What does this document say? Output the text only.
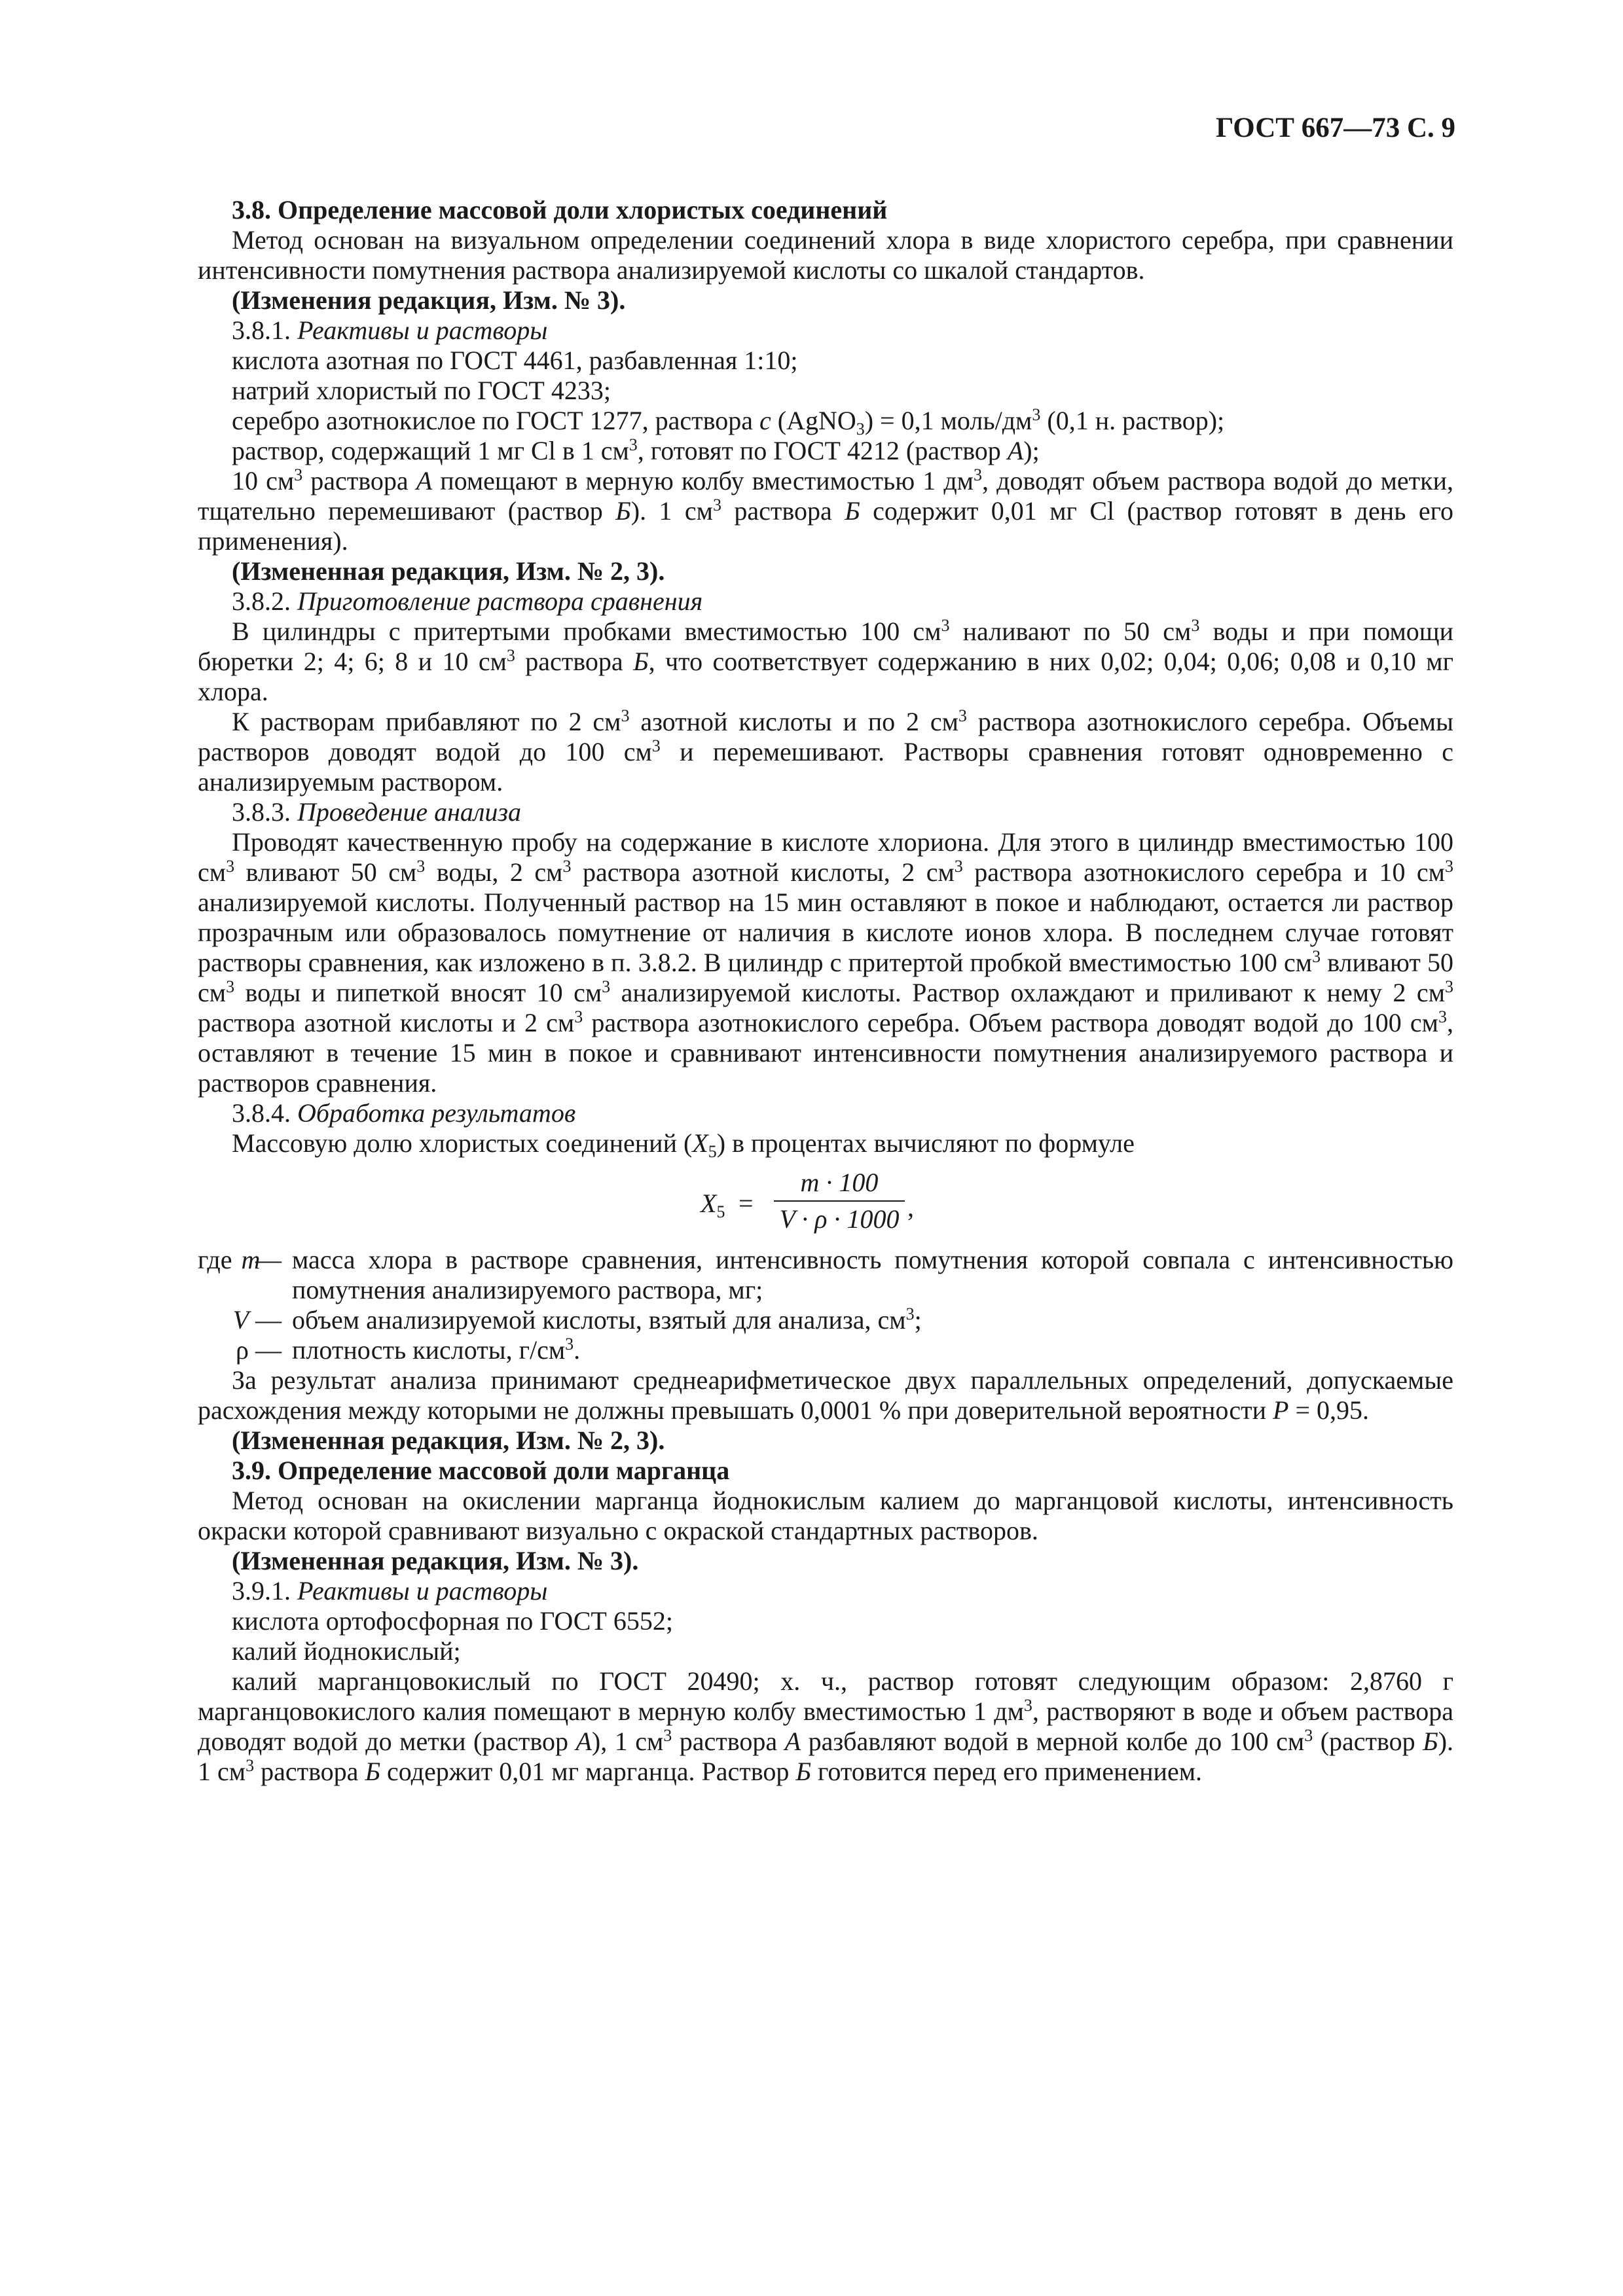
ГОСТ 667—73 С. 9

3.8. Определение массовой доли хлористых соединений

Метод основан на визуальном определении соединений хлора в виде хлористого серебра, при сравнении интенсивности помутнения раствора анализируемой кислоты со шкалой стандартов.

(Изменения редакция, Изм. № 3).

3.8.1. Реактивы и растворы

кислота азотная по ГОСТ 4461, разбавленная 1:10;

натрий хлористый по ГОСТ 4233;

серебро азотнокислое по ГОСТ 1277, раствора c (AgNO$_3$) = 0,1 моль/$дм^3$ (0,1 н. раствор);

раствор, содержащий 1 мг Cl в 1 $см^3$, готовят по ГОСТ 4212 (раствор А);

10 $см^3$ раствора А помещают в мерную колбу вместимостью 1 $дм^3$, доводят объем раствора водой до метки, тщательно перемешивают (раствор Б). 1 $см^3$ раствора Б содержит 0,01 мг Cl (раствор готовят в день его применения).

(Измененная редакция, Изм. № 2, 3).

3.8.2. Приготовление раствора сравнения

В цилиндры с притертыми пробками вместимостью 100 $см^3$ наливают по 50 $см^3$ воды и при помощи бюретки 2; 4; 6; 8 и 10 $см^3$ раствора Б, что соответствует содержанию в них 0,02; 0,04; 0,06; 0,08 и 0,10 мг хлора.

К растворам прибавляют по 2 $см^3$ азотной кислоты и по 2 $см^3$ раствора азотнокислого серебра. Объемы растворов доводят водой до 100 $см^3$ и перемешивают. Растворы сравнения готовят одновременно с анализируемым раствором.

3.8.3. Проведение анализа

Проводят качественную пробу на содержание в кислоте хлориона. Для этого в цилиндр вместимостью 100 $см^3$ вливают 50 $см^3$ воды, 2 $см^3$ раствора азотной кислоты, 2 $см^3$ раствора азотнокислого серебра и 10 $см^3$ анализируемой кислоты. Полученный раствор на 15 мин оставляют в покое и наблюдают, остается ли раствор прозрачным или образовалось помутнение от наличия в кислоте ионов хлора. В последнем случае готовят растворы сравнения, как изложено в п. 3.8.2. В цилиндр с притертой пробкой вместимостью 100 $см^3$ вливают 50 $см^3$ воды и пипеткой вносят 10 $см^3$ анализируемой кислоты. Раствор охлаждают и приливают к нему 2 $см^3$ раствора азотной кислоты и 2 $см^3$ раствора азотнокислого серебра. Объем раствора доводят водой до 100 $см^3$, оставляют в течение 15 мин в покое и сравнивают интенсивности помутнения анализируемого раствора и растворов сравнения.

3.8.4. Обработка результатов

Массовую долю хлористых соединений $(X_5)$ в процентах вычисляют по формуле

$X_5 = \frac{m \cdot 100}{V \cdot \rho \cdot 1000}$ ,
где m
— масса хлора в растворе сравнения, интенсивность помутнения которой совпала с интенсивностью помутнения анализируемого раствора, мг;
V — объем анализируемой кислоты, взятый для анализа, $см^3$;
ρ — плотность кислоты, $г/см^3$.

За результат анализа принимают среднеарифметическое двух параллельных определений, допускаемые расхождения между которыми не должны превышать 0,0001 % при доверительной вероятности P = 0,95.

(Измененная редакция, Изм. № 2, 3).

3.9. Определение массовой доли марганца

Метод основан на окислении марганца йоднокислым калием до марганцовой кислоты, интенсивность окраски которой сравнивают визуально с окраской стандартных растворов.

(Измененная редакция, Изм. № 3).

3.9.1. Реактивы и растворы

кислота ортофосфорная по ГОСТ 6552;

калий йоднокислый;

калий марганцовокислый по ГОСТ 20490; х. ч., раствор готовят следующим образом: 2,8760 г марганцовокислого калия помещают в мерную колбу вместимостью 1 $дм^3$, растворяют в воде и объем раствора доводят водой до метки (раствор А), 1 $см^3$ раствора А разбавляют водой в мерной колбе до 100 $см^3$ (раствор Б). 1 $см^3$ раствора Б содержит 0,01 мг марганца. Раствор Б готовится перед его применением.
